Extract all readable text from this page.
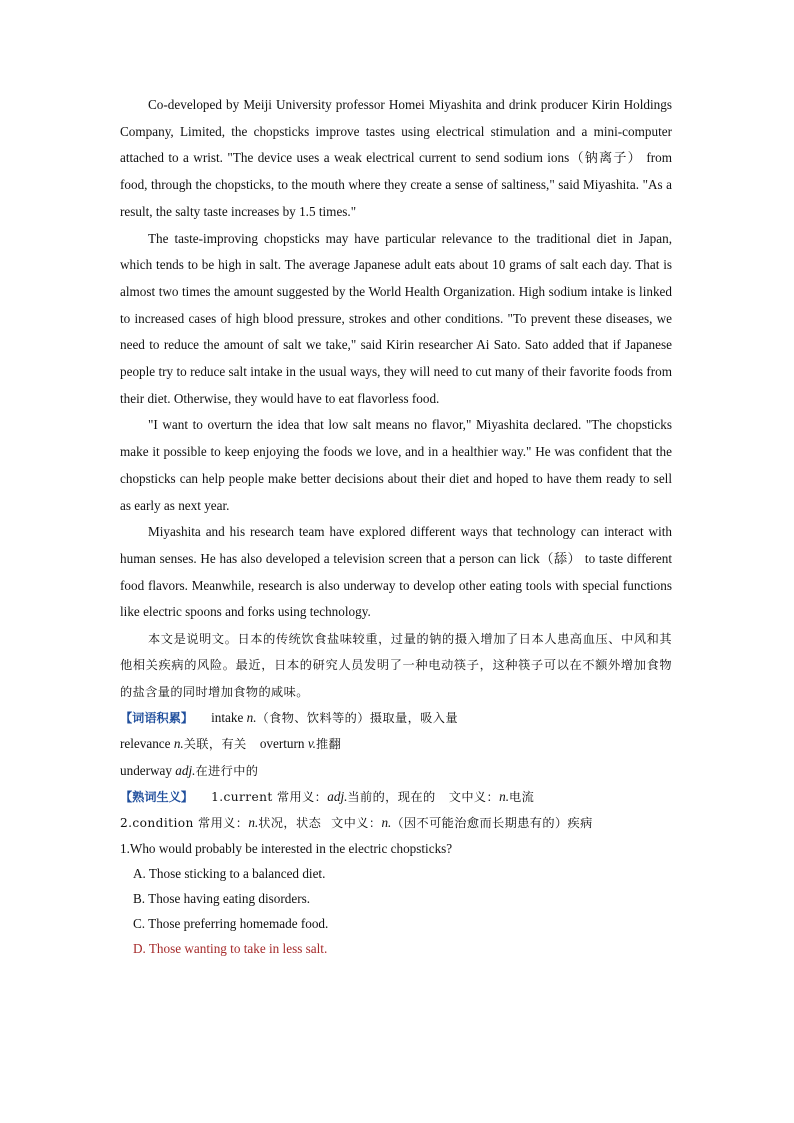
Co-developed by Meiji University professor Homei Miyashita and drink producer Kirin Holdings Company, Limited, the chopsticks improve tastes using electrical stimulation and a mini-computer attached to a wrist. "The device uses a weak electrical current to send sodium ions（钠离子） from food, through the chopsticks, to the mouth where they create a sense of saltiness," said Miyashita. "As a result, the salty taste increases by 1.5 times."

The taste-improving chopsticks may have particular relevance to the traditional diet in Japan, which tends to be high in salt. The average Japanese adult eats about 10 grams of salt each day. That is almost two times the amount suggested by the World Health Organization. High sodium intake is linked to increased cases of high blood pressure, strokes and other conditions. "To prevent these diseases, we need to reduce the amount of salt we take," said Kirin researcher Ai Sato. Sato added that if Japanese people try to reduce salt intake in the usual ways, they will need to cut many of their favorite foods from their diet. Otherwise, they would have to eat flavorless food.

"I want to overturn the idea that low salt means no flavor," Miyashita declared. "The chopsticks make it possible to keep enjoying the foods we love, and in a healthier way." He was confident that the chopsticks can help people make better decisions about their diet and hoped to have them ready to sell as early as next year.

Miyashita and his research team have explored different ways that technology can interact with human senses. He has also developed a television screen that a person can lick（舔） to taste different food flavors. Meanwhile, research is also underway to develop other eating tools with special functions like electric spoons and forks using technology.

本文是说明文。日本的传统饮食盐味较重，过量的钠的摄入增加了日本人患高血压、中风和其他相关疾病的风险。最近，日本的研究人员发明了一种电动筷子，这种筷子可以在不额外增加食物的盐含量的同时增加食物的咸味。

【词语积累】 intake n.（食物、饮料等的）摄取量，吸入量

relevance n.关联，有关 overturn v.推翻

underway adj.在进行中的

【熟词生义】 1.current 常用义：adj.当前的，现在的 文中义：n.电流

2.condition 常用义：n.状况，状态 文中义：n.（因不可能治愈而长期患有的）疾病

1.Who would probably be interested in the electric chopsticks?

A. Those sticking to a balanced diet.

B. Those having eating disorders.

C. Those preferring homemade food.

D. Those wanting to take in less salt.
